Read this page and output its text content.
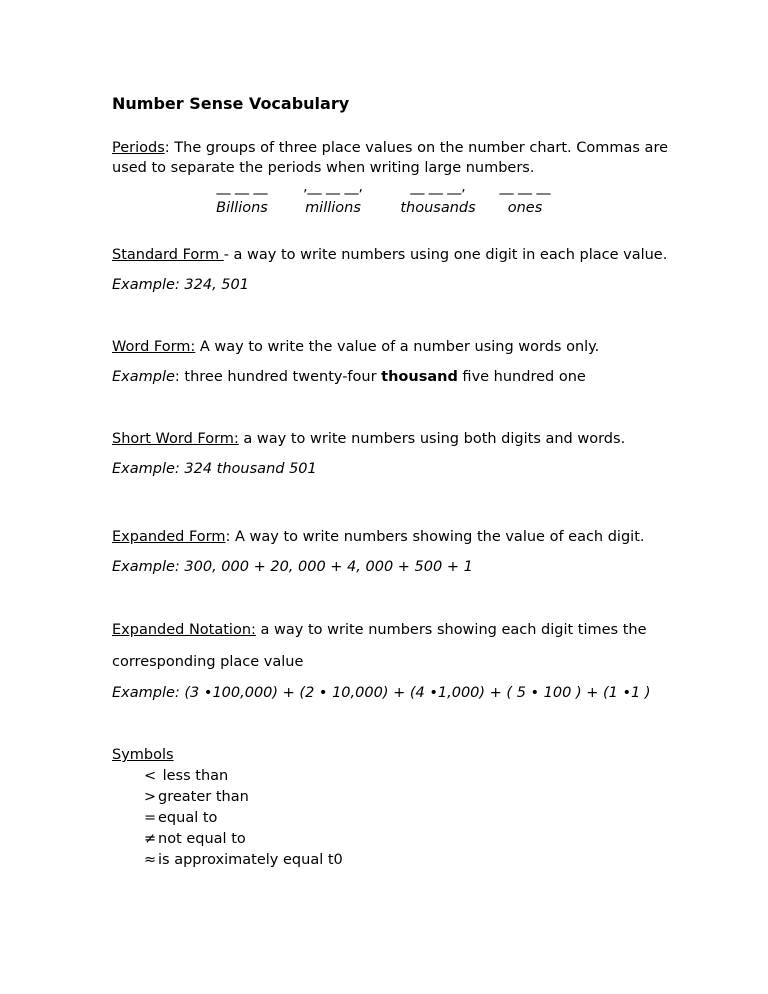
Number Sense Vocabulary
Periods: The groups of three place values on the number chart. Commas are
used to separate the periods when writing large numbers.
__ __ __
Billions
,__ __ __,
millions
__ __ __,
thousands
__ __ __
ones
Standard Form - a way to write numbers using one digit in each place value.
Example: 324, 501
Word Form: A way to write the value of a number using words only.
Example: three hundred twenty-four thousand five hundred one
Short Word Form: a way to write numbers using both digits and words.
Example: 324 thousand 501
Expanded Form: A way to write numbers showing the value of each digit.
Example: 300, 000 + 20, 000 + 4, 000 + 500 + 1
Expanded Notation: a way to write numbers showing each digit times the
corresponding place value
Example: (3 •100,000) + (2 • 10,000) + (4 •1,000) + ( 5 • 100 ) + (1 •1 )
Symbols
< less than
> greater than
= equal to
≠ not equal to
≈ is approximately equal t0
